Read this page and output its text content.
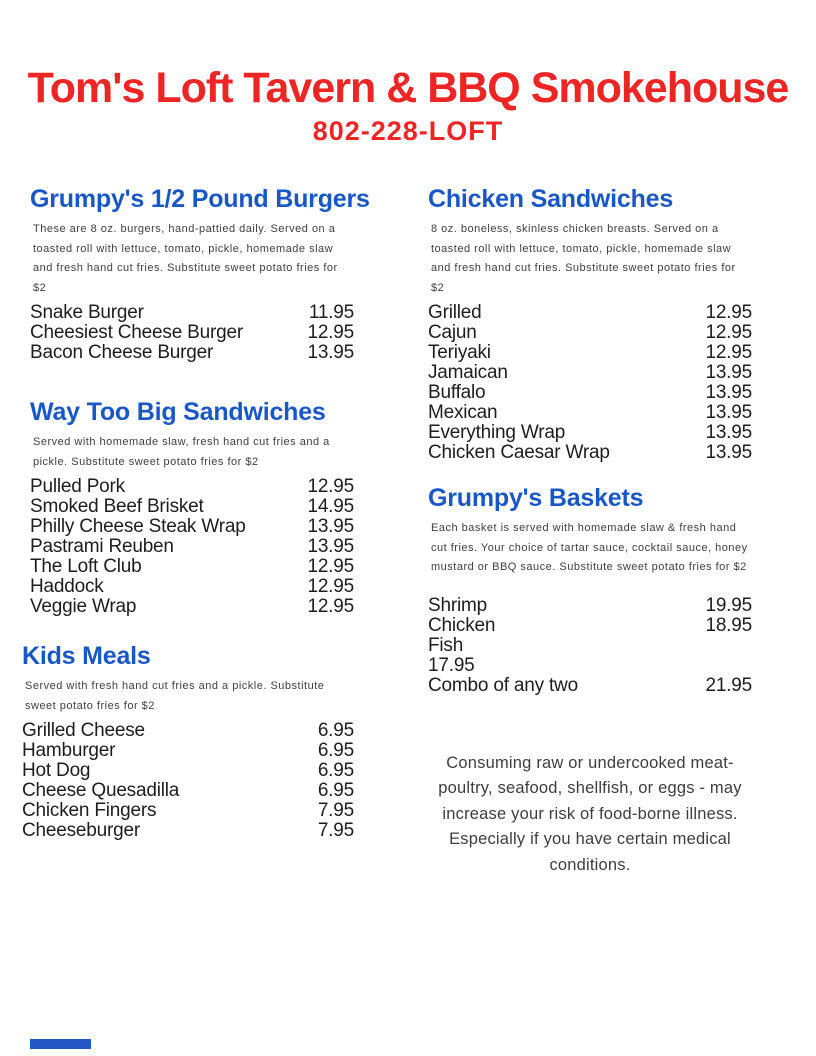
Tom's Loft Tavern & BBQ Smokehouse
802-228-LOFT
Grumpy's 1/2 Pound Burgers

These are 8 oz. burgers, hand-pattied daily. Served on a toasted roll with lettuce, tomato, pickle, homemade slaw and fresh hand cut fries. Substitute sweet potato fries for $2

Snake Burger	11.95
Cheesiest Cheese Burger	12.95
Bacon Cheese Burger	13.95
Way Too Big Sandwiches

Served with homemade slaw, fresh hand cut fries and a pickle. Substitute sweet potato fries for $2

Pulled Pork	12.95
Smoked Beef Brisket	14.95
Philly Cheese Steak Wrap	13.95
Pastrami Reuben	13.95
The Loft Club	12.95
Haddock	12.95
Veggie Wrap	12.95
Kids Meals

Served with fresh hand cut fries and a pickle. Substitute sweet potato fries for $2

Grilled Cheese	6.95
Hamburger	6.95
Hot Dog	6.95
Cheese Quesadilla	6.95
Chicken Fingers	7.95
Cheeseburger	7.95
Chicken Sandwiches

8 oz. boneless, skinless chicken breasts. Served on a toasted roll with lettuce, tomato, pickle, homemade slaw and fresh hand cut fries. Substitute sweet potato fries for $2

Grilled	12.95
Cajun	12.95
Teriyaki	12.95
Jamaican	13.95
Buffalo	13.95
Mexican	13.95
Everything Wrap	13.95
Chicken Caesar Wrap	13.95
Grumpy's Baskets

Each basket is served with homemade slaw & fresh hand cut fries. Your choice of tartar sauce, cocktail sauce, honey mustard or BBQ sauce. Substitute sweet potato fries for $2

Shrimp	19.95
Chicken	18.95
Fish
17.95
Combo of any two	21.95

Consuming raw or undercooked meat- poultry, seafood, shellfish, or eggs - may increase your risk of food-borne illness. Especially if you have certain medical conditions.
